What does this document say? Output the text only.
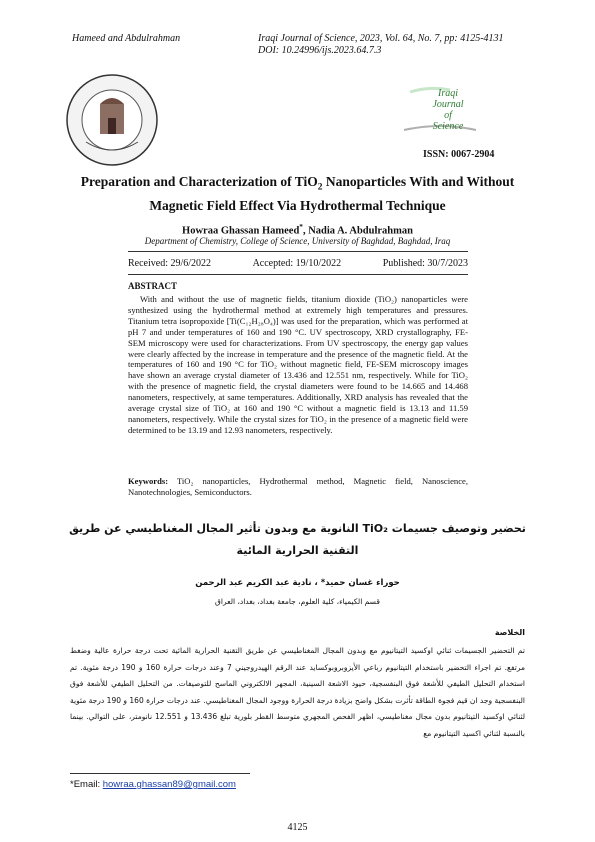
Hameed and Abdulrahman	Iraqi Journal of Science, 2023, Vol. 64, No. 7, pp: 4125-4131
DOI: 10.24996/ijs.2023.64.7.3
Iraqi
Journal of
Science
ISSN: 0067-2904
Preparation and Characterization of TiO$_2$ Nanoparticles With and Without
Magnetic Field Effect Via Hydrothermal Technique
Howraa Ghassan Hameed*, Nadia A. Abdulrahman
Department of Chemistry, College of Science, University of Baghdad, Baghdad, Iraq
Received: 29/6/2022	Accepted: 19/10/2022	Published: 30/7/2023
ABSTRACT

With and without the use of magnetic fields, titanium dioxide (TiO₂) nanoparticles were synthesized using the hydrothermal method at extremely high temperatures and pressures. Titanium tetra isopropoxide [Ti(C₁₂H₂₈O₄)] was used for the preparation, which was performed at pH 7 and under temperatures of 160 and 190 °C. UV spectroscopy, XRD crystallography, FE-SEM microscopy were used for characterizations. From UV spectroscopy, the energy gap values were clearly affected by the increase in temperature and the presence of the magnetic field. At the temperatures of 160 and 190 °C for TiO₂ without magnetic field, FE-SEM microscopy images have shown an average crystal diameter of 13.436 and 12.551 nm, respectively. While for TiO₂ with the presence of magnetic field, the crystal diameters were found to be 14.665 and 14.468 nanometers, respectively, at same temperatures. Additionally, XRD analysis has revealed that the average crystal size of TiO₂ at 160 and 190 °C without a magnetic field is 13.13 and 11.59 nanometers, respectively. While the crystal sizes for TiO₂ in the presence of a magnetic field were determined to be 13.19 and 12.93 nanometers, respectively.

Keywords: TiO₂ nanoparticles, Hydrothermal method, Magnetic field, Nanoscience, Nanotechnologies, Semiconductors.

تحضير وتوصيف جسيمات TiO₂ النانوية مع وبدون تأثير المجال المغناطيسي عن طريق التقنية الحرارية المائية
حوراء غسان حميد* ، نادية عبد الكريم عبد الرحمن
قسم الكيمياء، كلية العلوم، جامعة بغداد، بغداد، العراق
الخلاصة

تم التحضير الجسيمات ثنائي اوكسيد التيتانيوم مع وبدون المجال المغناطيسي عن طريق التقنية الحرارية المائية تحت درجة حرارة عالية وضغط مرتفع. تم اجراء التحضير باستخدام التيتانيوم رباعي الأيزوبروبوكسايد عند الرقم الهيدروجيني 7 وعند درجات حرارة 160 و 190 درجة مئوية. تم استخدام التحليل الطيفي للأشعة فوق البنفسجية، حيود الاشعة السينية، المجهر الالكتروني الماسح للتوصيفات. من التحليل الطيفي للأشعة فوق البنفسجية وجد ان قيم فجوة الطاقة تأثرت بشكل واضح بزيادة درجة الحرارة ووجود المجال المغناطيسي. عند درجات حرارة 160 و 190 درجة مئوية لثنائي اوكسيد التيتانيوم بدون مجال مغناطيسي، اظهر الفحص المجهري متوسط القطر بلورية تبلغ 13.436 و 12.551 نانومتر، على التوالي. بينما بالنسبة لثنائي اكسيد التيتانيوم مع

*Email: howraa.ghassan89@gmail.com
4125
